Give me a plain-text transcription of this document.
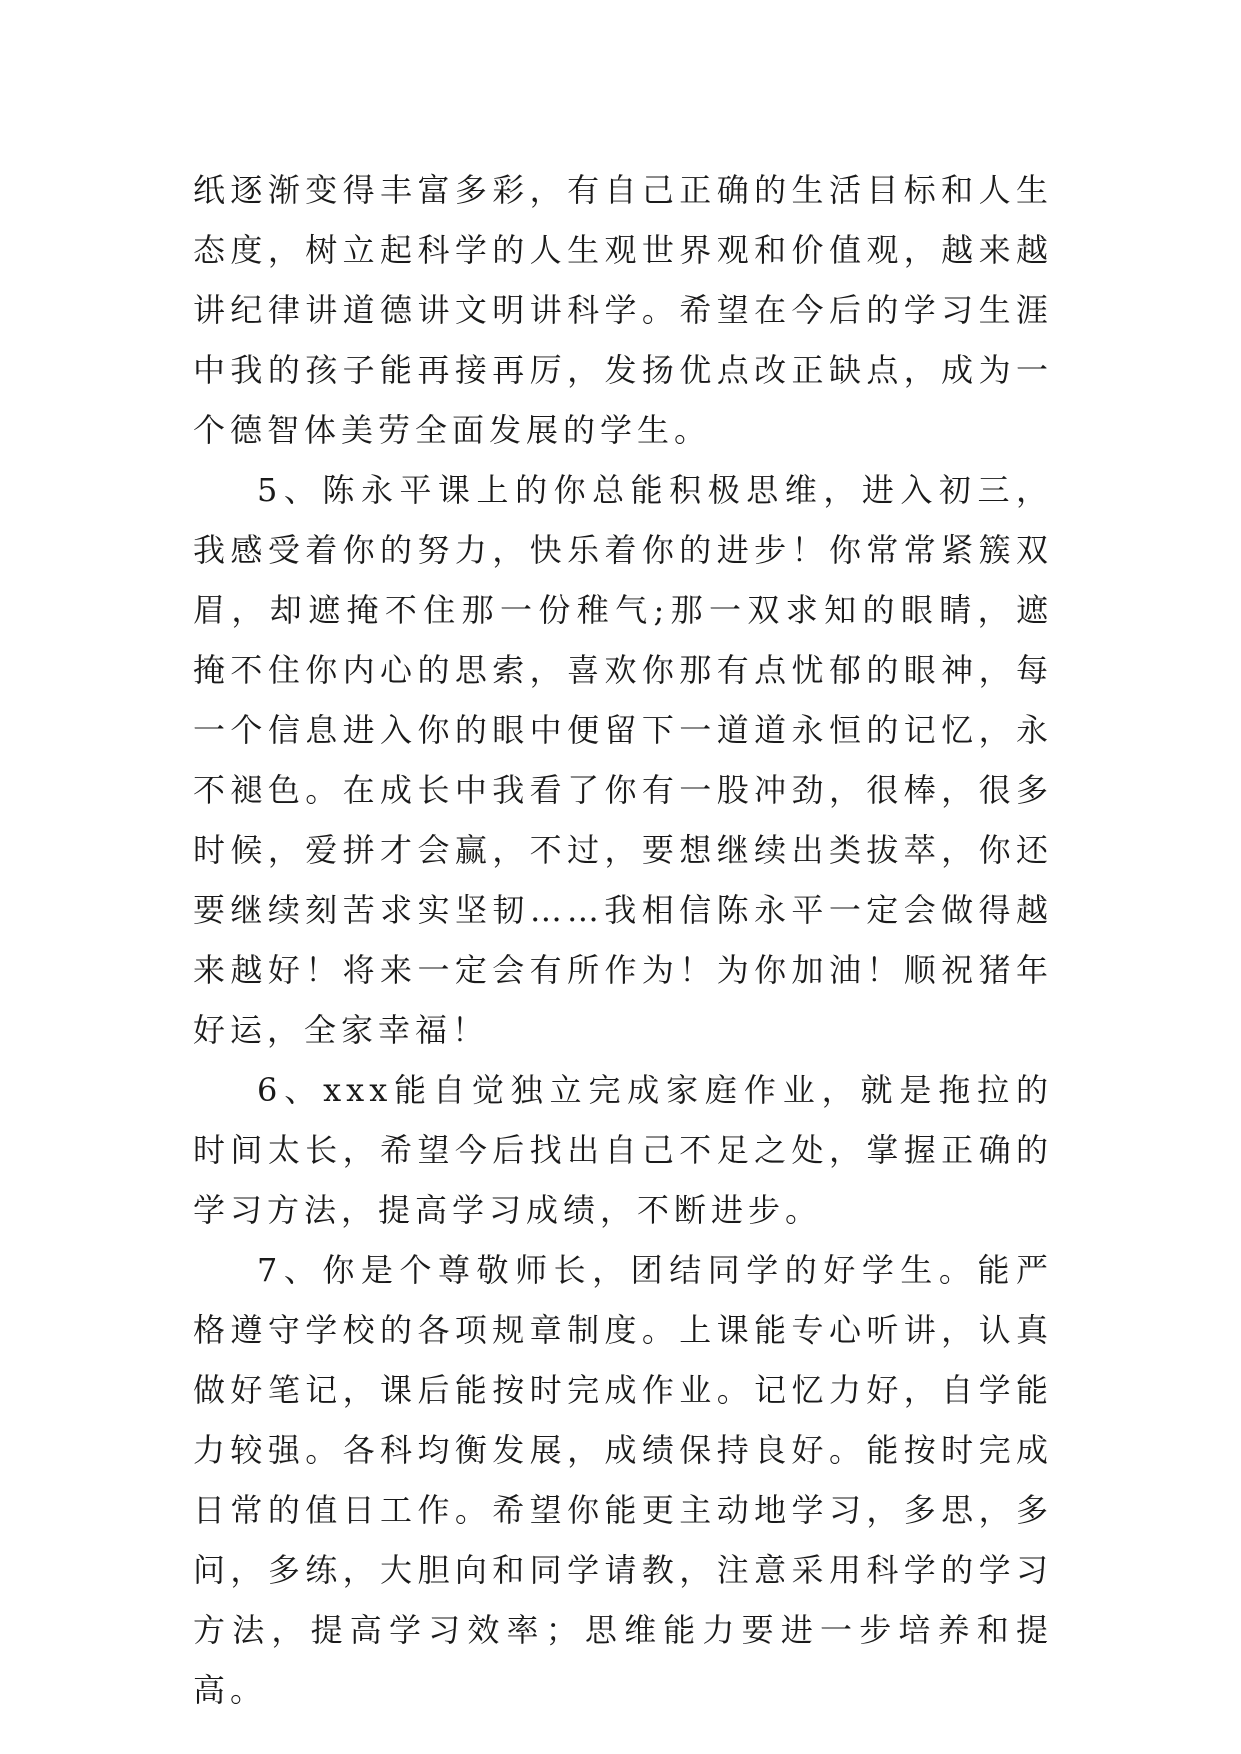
纸逐渐变得丰富多彩，有自己正确的生活目标和人生态度，树立起科学的人生观世界观和价值观，越来越讲纪律讲道德讲文明讲科学。希望在今后的学习生涯中我的孩子能再接再厉，发扬优点改正缺点，成为一个德智体美劳全面发展的学生。

5、陈永平课上的你总能积极思维，进入初三，我感受着你的努力，快乐着你的进步！你常常紧簇双眉，却遮掩不住那一份稚气;那一双求知的眼睛，遮掩不住你内心的思索，喜欢你那有点忧郁的眼神，每一个信息进入你的眼中便留下一道道永恒的记忆，永不褪色。在成长中我看了你有一股冲劲，很棒，很多时候，爱拼才会赢，不过，要想继续出类拔萃，你还要继续刻苦求实坚韧……我相信陈永平一定会做得越来越好！将来一定会有所作为！为你加油！顺祝猪年好运，全家幸福！

6、xxx能自觉独立完成家庭作业，就是拖拉的时间太长，希望今后找出自己不足之处，掌握正确的学习方法，提高学习成绩，不断进步。

7、你是个尊敬师长，团结同学的好学生。能严格遵守学校的各项规章制度。上课能专心听讲，认真做好笔记，课后能按时完成作业。记忆力好，自学能力较强。各科均衡发展，成绩保持良好。能按时完成日常的值日工作。希望你能更主动地学习，多思，多问，多练，大胆向和同学请教，注意采用科学的学习方法，提高学习效率；思维能力要进一步培养和提高。
